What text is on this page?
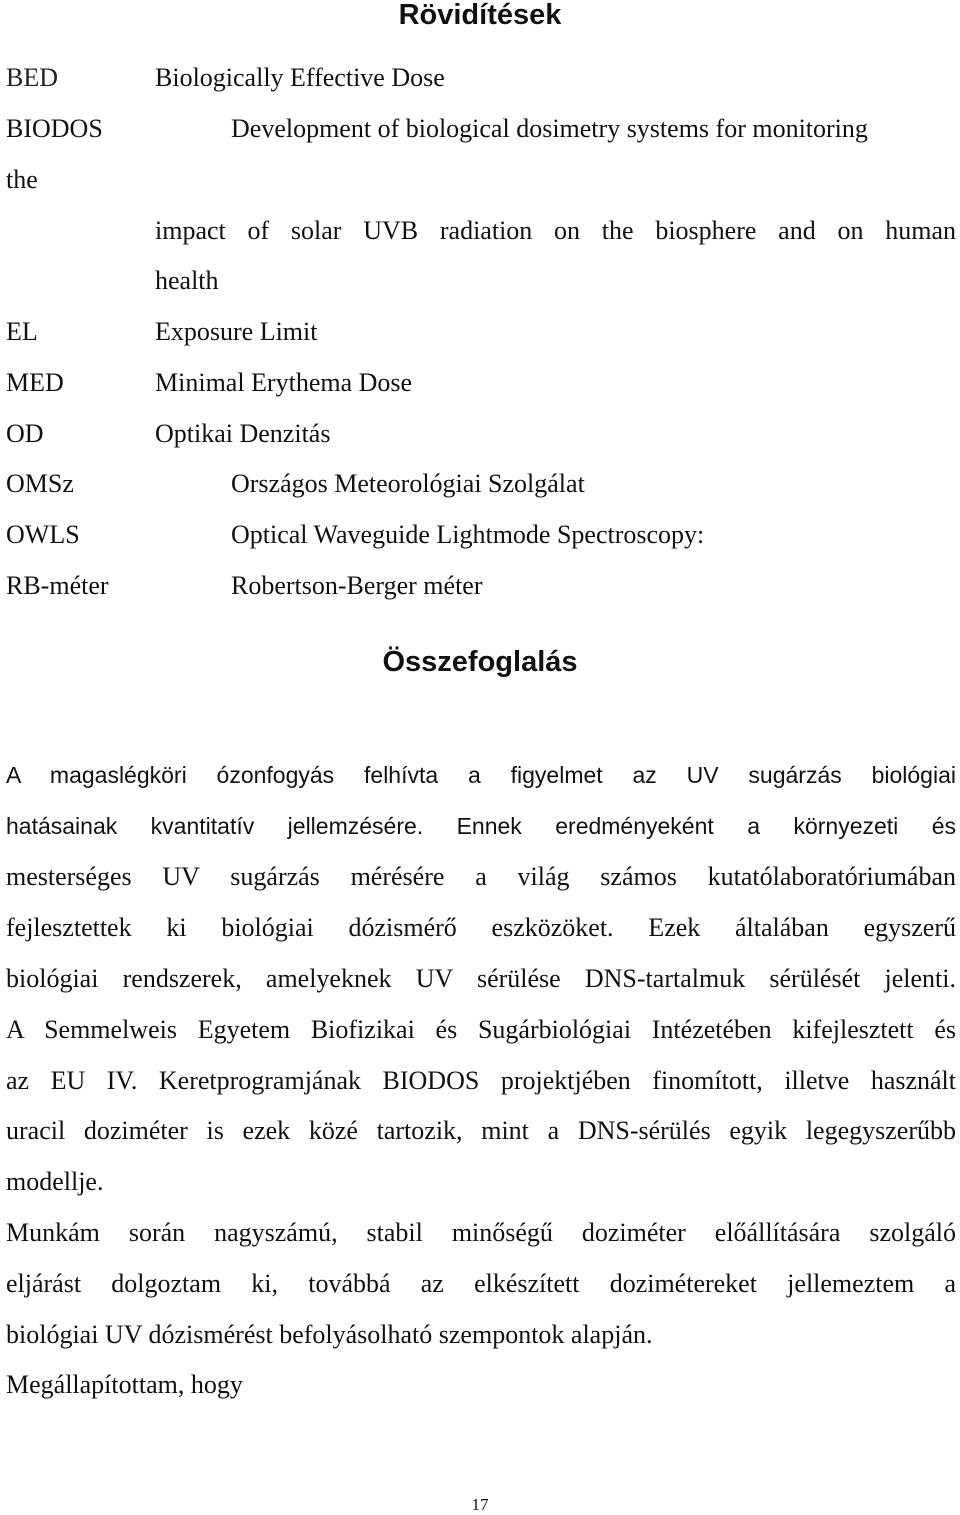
Rövidítések

BED	Biologically Effective Dose

BIODOS	Development of biological dosimetry systems for monitoring

the

impact of solar UVB radiation on the biosphere and on human

health

EL	Exposure Limit

MED	Minimal Erythema Dose

OD	Optikai Denzitás

OMSz	Országos Meteorológiai Szolgálat

OWLS	Optical Waveguide Lightmode Spectroscopy:

RB-méter	Robertson-Berger méter

Összefoglalás

A magaslégköri ózonfogyás felhívta a figyelmet az UV sugárzás biológiai

hatásainak kvantitatív jellemzésére. Ennek eredményeként a környezeti és

mesterséges UV sugárzás mérésére a világ számos kutatólaboratóriumában

fejlesztettek ki biológiai dózismérő eszközöket. Ezek általában egyszerű

biológiai rendszerek, amelyeknek UV sérülése DNS-tartalmuk sérülését jelenti.

A Semmelweis Egyetem Biofizikai és Sugárbiológiai Intézetében kifejlesztett és

az EU IV. Keretprogramjának BIODOS projektjében finomított, illetve használt

uracil doziméter is ezek közé tartozik, mint a DNS-sérülés egyik legegyszerűbb

modellje.

Munkám során nagyszámú, stabil minőségű doziméter előállítására szolgáló

eljárást dolgoztam ki, továbbá az elkészített dozimétereket jellemeztem a

biológiai UV dózismérést befolyásolható szempontok alapján.

Megállapítottam, hogy

17
